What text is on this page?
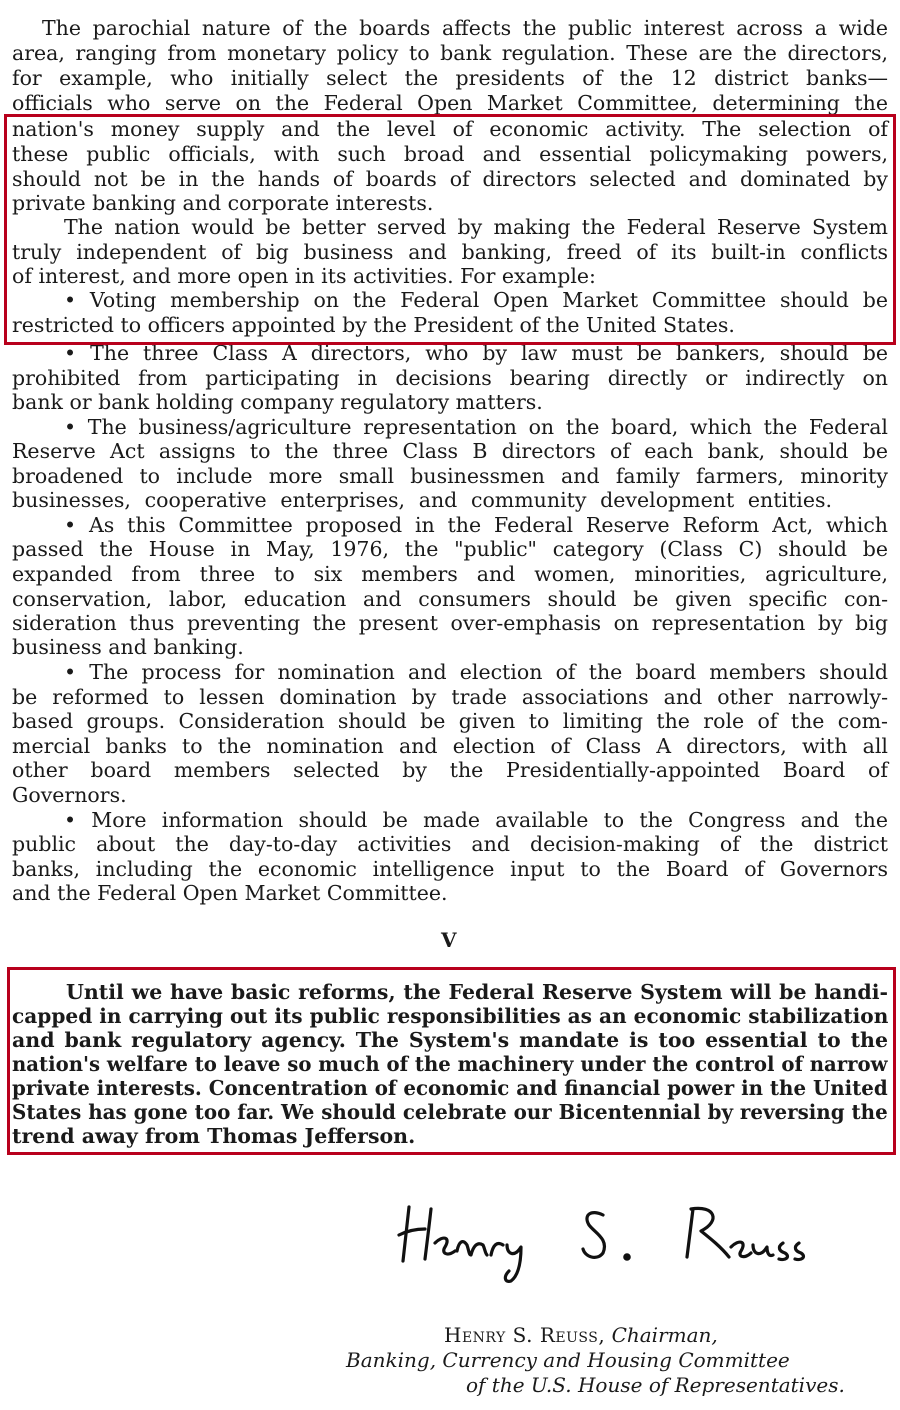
The parochial nature of the boards affects the public interest across a wide
area, ranging from monetary policy to bank regulation. These are the directors,
for example, who initially select the presidents of the 12 district banks—
officials who serve on the Federal Open Market Committee, determining the
nation's money supply and the level of economic activity. The selection of
these public officials, with such broad and essential policymaking powers,
should not be in the hands of boards of directors selected and dominated by
private banking and corporate interests.
The nation would be better served by making the Federal Reserve System
truly independent of big business and banking, freed of its built-in conflicts
of interest, and more open in its activities. For example:
• Voting membership on the Federal Open Market Committee should be
restricted to officers appointed by the President of the United States.
• The three Class A directors, who by law must be bankers, should be
prohibited from participating in decisions bearing directly or indirectly on
bank or bank holding company regulatory matters.
• The business/agriculture representation on the board, which the Federal
Reserve Act assigns to the three Class B directors of each bank, should be
broadened to include more small businessmen and family farmers, minority
businesses, cooperative enterprises, and community development entities.
• As this Committee proposed in the Federal Reserve Reform Act, which
passed the House in May, 1976, the "public" category (Class C) should be
expanded from three to six members and women, minorities, agriculture,
conservation, labor, education and consumers should be given specific con-
sideration thus preventing the present over-emphasis on representation by big
business and banking.
• The process for nomination and election of the board members should
be reformed to lessen domination by trade associations and other narrowly-
based groups. Consideration should be given to limiting the role of the com-
mercial banks to the nomination and election of Class A directors, with all
other board members selected by the Presidentially-appointed Board of
Governors.
• More information should be made available to the Congress and the
public about the day-to-day activities and decision-making of the district
banks, including the economic intelligence input to the Board of Governors
and the Federal Open Market Committee.
V
Until we have basic reforms, the Federal Reserve System will be handi-
capped in carrying out its public responsibilities as an economic stabilization
and bank regulatory agency. The System's mandate is too essential to the
nation's welfare to leave so much of the machinery under the control of narrow
private interests. Concentration of economic and financial power in the United
States has gone too far. We should celebrate our Bicentennial by reversing the
trend away from Thomas Jefferson.
Henry S. Reuss, Chairman,
Banking, Currency and Housing Committee
of the U.S. House of Representatives.
